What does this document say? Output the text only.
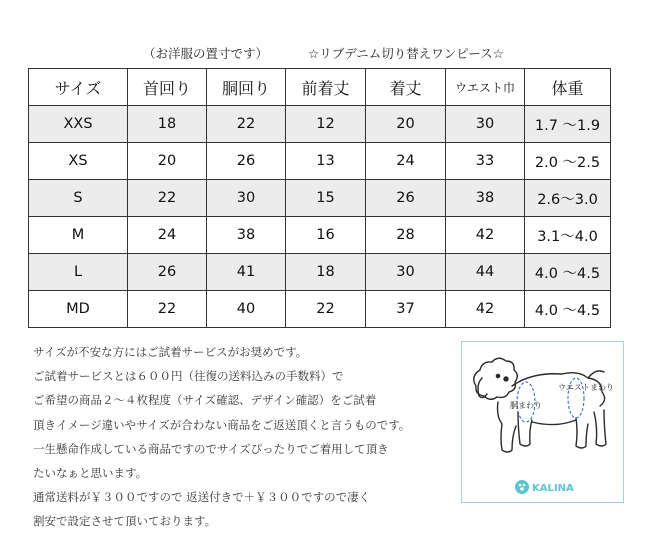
（お洋服の置寸です）	☆リブデニム切り替えワンピース☆
サイズ	首回り	胴回り	前着丈	着丈	ウエスト巾	体重
XXS	18	22	12	20	30	1.7 ～1.9
XS	20	26	13	24	33	2.0 ～2.5
S	22	30	15	26	38	2.6～3.0
M	24	38	16	28	42	3.1～4.0
L	26	41	18	30	44	4.0 ～4.5
MD	22	40	22	37	42	4.0 ～4.5
サイズが不安な方にはご試着サービスがお奨めです。
ご試着サービスとは６００円（往復の送料込みの手数料）で
ご希望の商品２～４枚程度（サイズ確認、デザイン確認）をご試着
頂きイメージ違いやサイズが合わない商品をご返送頂くと言うものです。
一生懸命作成している商品ですのでサイズぴったりでご着用して頂き
たいなぁと思います。
通常送料が￥３００ですので 返送付きで＋￥３００ですので凄く
割安で設定させて頂いております。
ウエストまわり
胴まわり
KALINA
